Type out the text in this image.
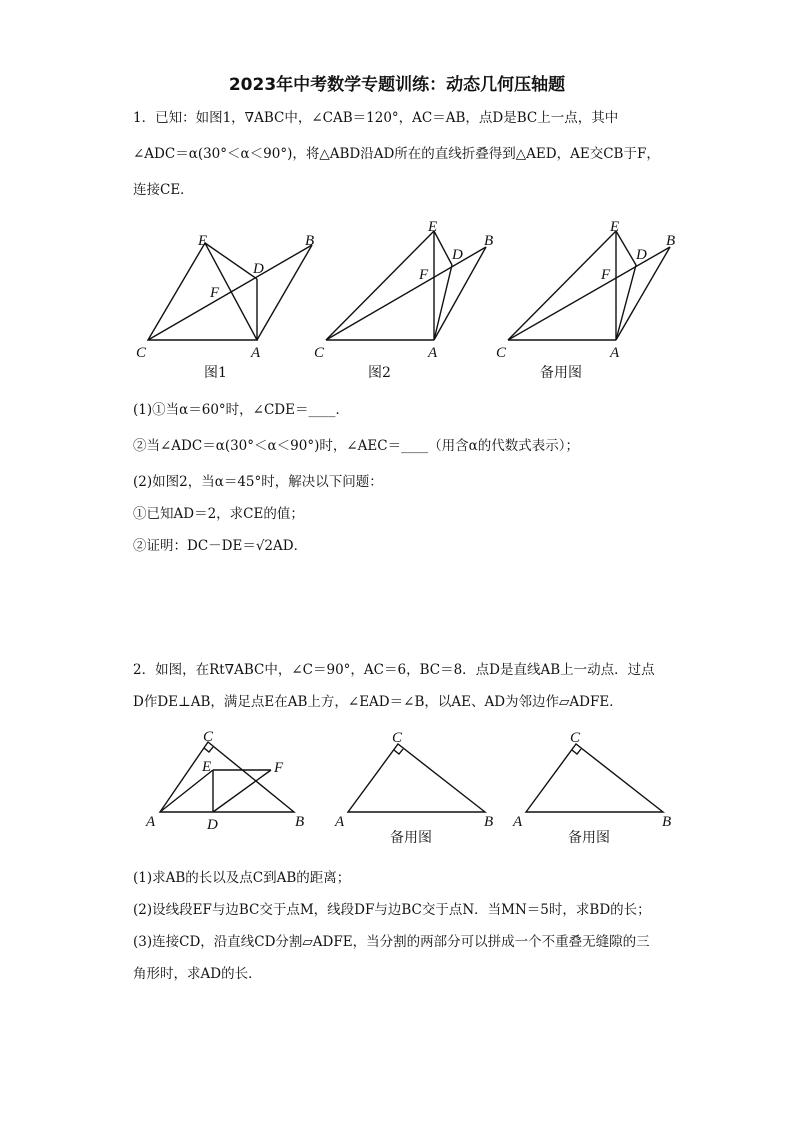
2023年中考数学专题训练：动态几何压轴题
1．已知：如图1，∇ABC中，∠CAB＝120°，AC＝AB，点D是BC上一点，其中
∠ADC＝α(30°＜α＜90°)，将△ABD沿AD所在的直线折叠得到△AED，AE交CB于F，
连接CE．
C	A
E	B
D
F
图1
C	A
E
B
D
F
图2
C	A
E
B
D
F
备用图
(1)①当α＝60°时，∠CDE＝____．
②当∠ADC＝α(30°＜α＜90°)时，∠AEC＝____（用含α的代数式表示）；
(2)如图2，当α＝45°时，解决以下问题：
①已知AD＝2，求CE的值；
②证明：DC－DE＝√2AD．
2．如图，在Rt∇ABC中，∠C＝90°，AC＝6，BC＝8．点D是直线AB上一动点．过点
D作DE⊥AB，满足点E在AB上方，∠EAD＝∠B，以AE、AD为邻边作▱ADFE．
A	B
C
E	F
D	A	B
C
备用图
A	B
C
备用图
(1)求AB的长以及点C到AB的距离；
(2)设线段EF与边BC交于点M，线段DF与边BC交于点N．当MN＝5时，求BD的长；
(3)连接CD，沿直线CD分割▱ADFE，当分割的两部分可以拼成一个不重叠无缝隙的三
角形时，求AD的长．
